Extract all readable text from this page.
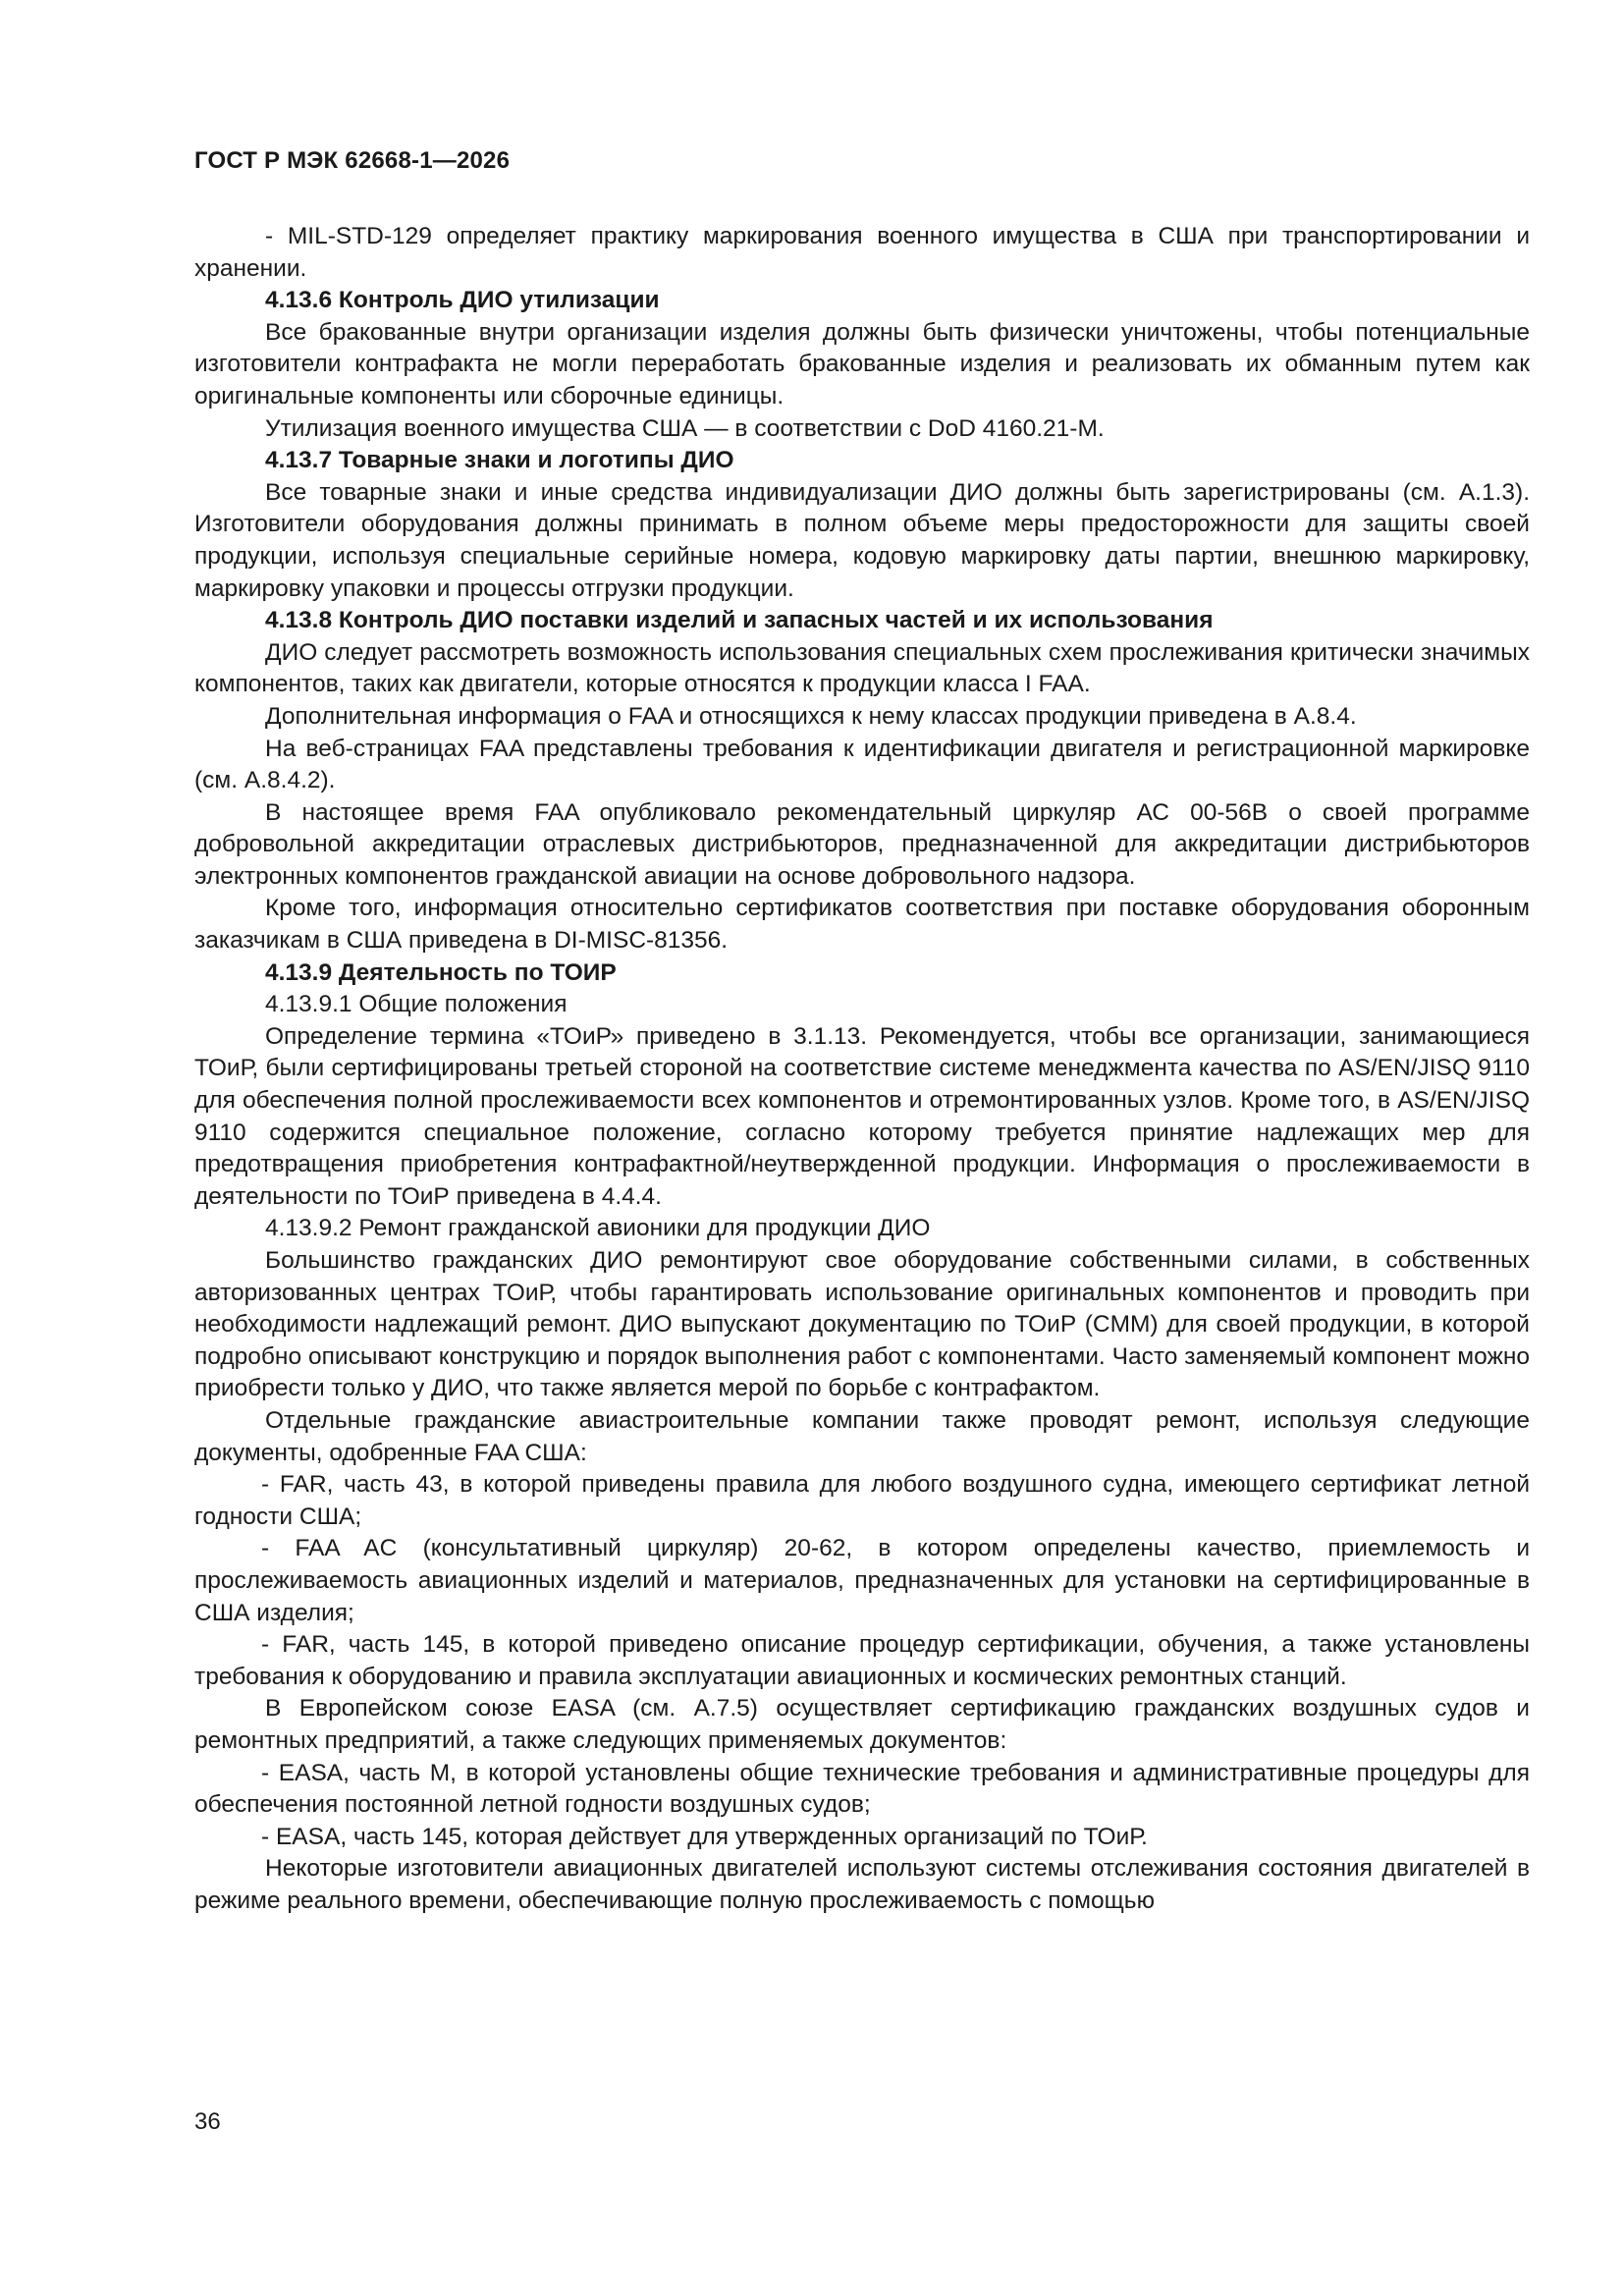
ГОСТ Р МЭК 62668-1—2026

- MIL-STD-129 определяет практику маркирования военного имущества в США при транспортировании и хранении.

4.13.6 Контроль ДИО утилизации

Все бракованные внутри организации изделия должны быть физически уничтожены, чтобы потенциальные изготовители контрафакта не могли переработать бракованные изделия и реализовать их обманным путем как оригинальные компоненты или сборочные единицы.

Утилизация военного имущества США — в соответствии с DoD 4160.21-M.

4.13.7 Товарные знаки и логотипы ДИО

Все товарные знаки и иные средства индивидуализации ДИО должны быть зарегистрированы (см. А.1.3). Изготовители оборудования должны принимать в полном объеме меры предосторожности для защиты своей продукции, используя специальные серийные номера, кодовую маркировку даты партии, внешнюю маркировку, маркировку упаковки и процессы отгрузки продукции.

4.13.8 Контроль ДИО поставки изделий и запасных частей и их использования

ДИО следует рассмотреть возможность использования специальных схем прослеживания критически значимых компонентов, таких как двигатели, которые относятся к продукции класса I FAA.

Дополнительная информация о FAA и относящихся к нему классах продукции приведена в А.8.4.

На веб-страницах FAA представлены требования к идентификации двигателя и регистрационной маркировке (см. А.8.4.2).

В настоящее время FAA опубликовало рекомендательный циркуляр АС 00-56В о своей программе добровольной аккредитации отраслевых дистрибьюторов, предназначенной для аккредитации дистрибьюторов электронных компонентов гражданской авиации на основе добровольного надзора.

Кроме того, информация относительно сертификатов соответствия при поставке оборудования оборонным заказчикам в США приведена в DI-MISC-81356.

4.13.9 Деятельность по ТОИР

4.13.9.1 Общие положения

Определение термина «ТОиР» приведено в 3.1.13. Рекомендуется, чтобы все организации, занимающиеся ТОиР, были сертифицированы третьей стороной на соответствие системе менеджмента качества по AS/EN/JISQ 9110 для обеспечения полной прослеживаемости всех компонентов и отремонтированных узлов. Кроме того, в AS/EN/JISQ 9110 содержится специальное положение, согласно которому требуется принятие надлежащих мер для предотвращения приобретения контрафактной/неутвержденной продукции. Информация о прослеживаемости в деятельности по ТОиР приведена в 4.4.4.

4.13.9.2 Ремонт гражданской авионики для продукции ДИО

Большинство гражданских ДИО ремонтируют свое оборудование собственными силами, в собственных авторизованных центрах ТОиР, чтобы гарантировать использование оригинальных компонентов и проводить при необходимости надлежащий ремонт. ДИО выпускают документацию по ТОиР (CMM) для своей продукции, в которой подробно описывают конструкцию и порядок выполнения работ с компонентами. Часто заменяемый компонент можно приобрести только у ДИО, что также является мерой по борьбе с контрафактом.

Отдельные гражданские авиастроительные компании также проводят ремонт, используя следующие документы, одобренные FAA США:

- FAR, часть 43, в которой приведены правила для любого воздушного судна, имеющего сертификат летной годности США;

- FAA AC (консультативный циркуляр) 20-62, в котором определены качество, приемлемость и прослеживаемость авиационных изделий и материалов, предназначенных для установки на сертифицированные в США изделия;

- FAR, часть 145, в которой приведено описание процедур сертификации, обучения, а также установлены требования к оборудованию и правила эксплуатации авиационных и космических ремонтных станций.

В Европейском союзе EASA (см. А.7.5) осуществляет сертификацию гражданских воздушных судов и ремонтных предприятий, а также следующих применяемых документов:

- EASA, часть М, в которой установлены общие технические требования и административные процедуры для обеспечения постоянной летной годности воздушных судов;

- EASA, часть 145, которая действует для утвержденных организаций по ТОиР.

Некоторые изготовители авиационных двигателей используют системы отслеживания состояния двигателей в режиме реального времени, обеспечивающие полную прослеживаемость с помощью

36
